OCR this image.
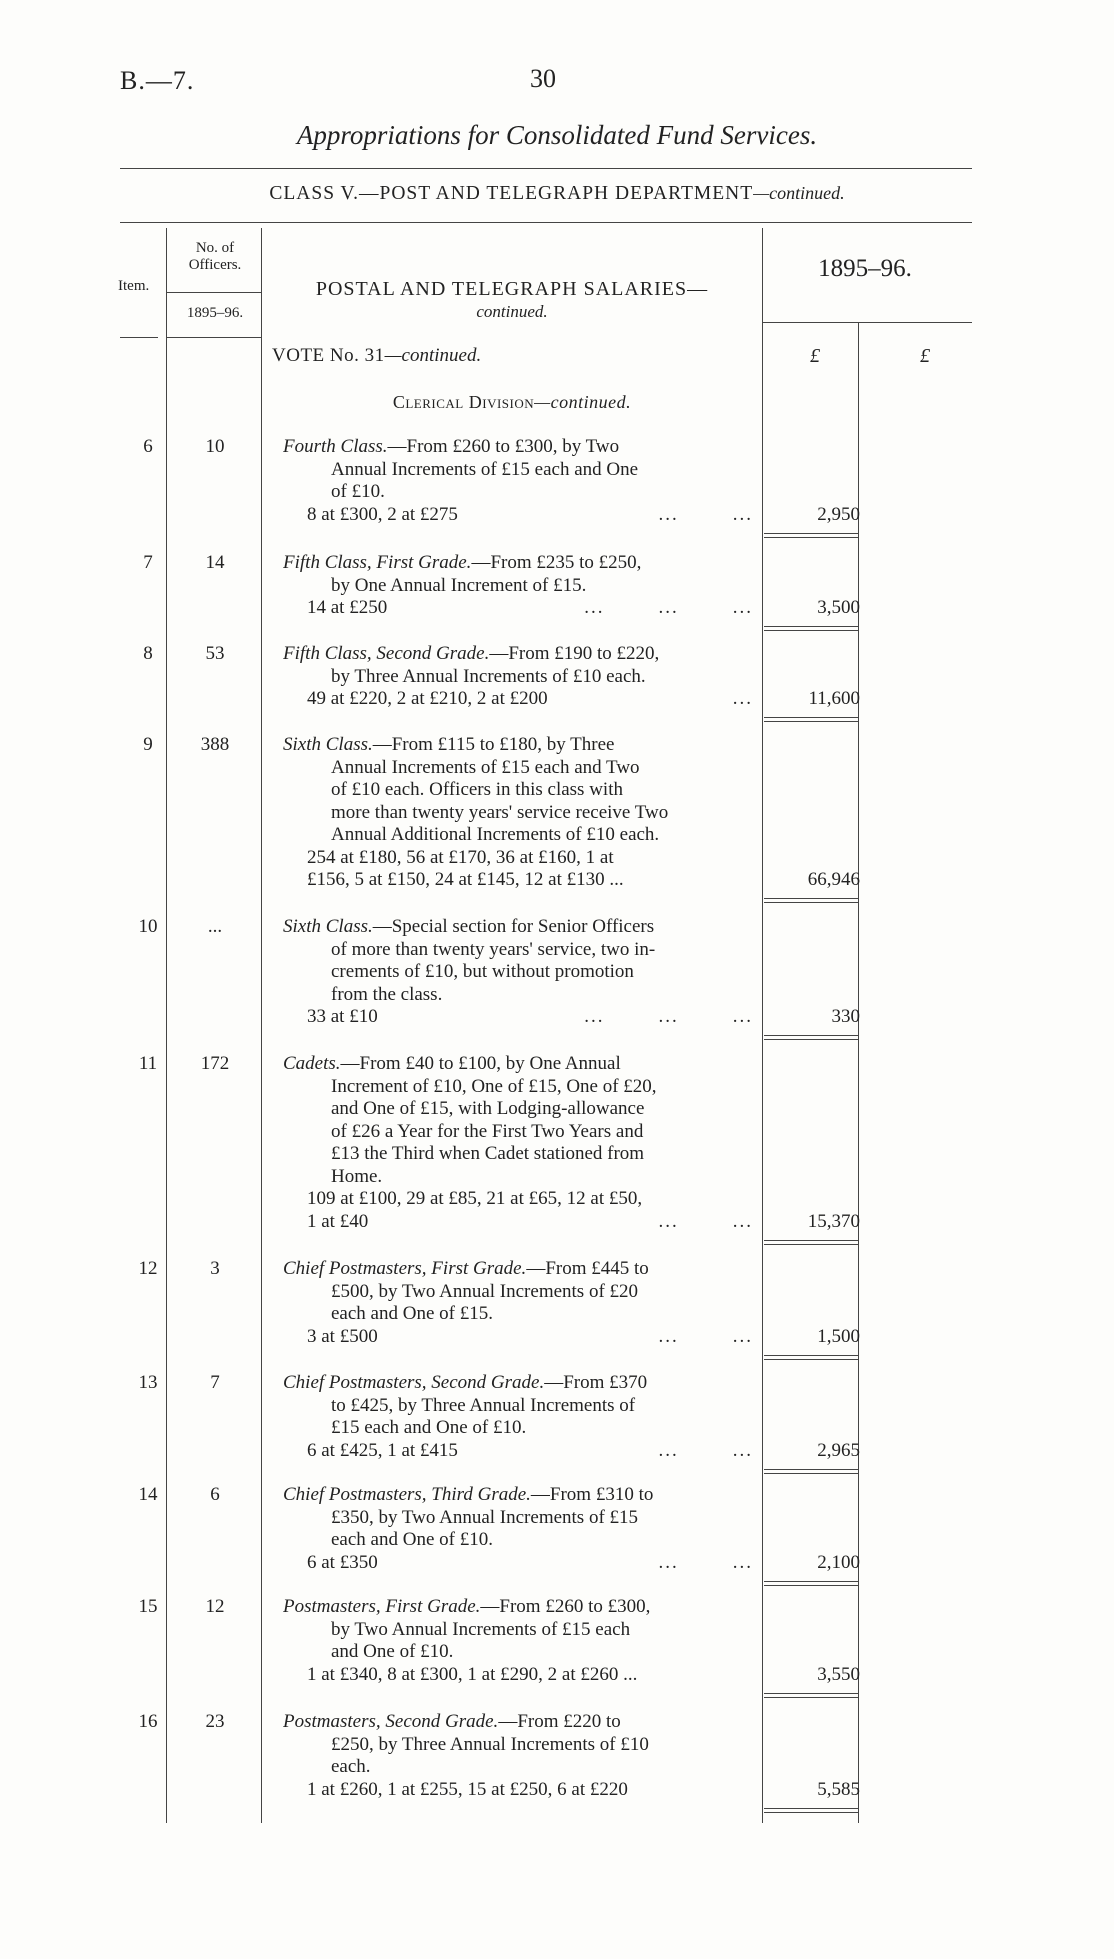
B.—7.	30
Appropriations for Consolidated Fund Services.
CLASS V.—POST AND TELEGRAPH DEPARTMENT—continued.
Item.
No. of
Officers.
1895–96.
POSTAL AND TELEGRAPH SALARIES—
continued.
1895–96.
£	£
VOTE No. 31—continued.
Clerical Division—continued.
6	10	Fourth Class.—From £260 to £300, by Two
Annual Increments of £15 each and One
of £10.
8 at £300, 2 at £275	...        ...	2,950
7	14	Fifth Class, First Grade.—From £235 to £250,
by One Annual Increment of £15.
14 at £250	...        ...        ...	3,500
8	53	Fifth Class, Second Grade.—From £190 to £220,
by Three Annual Increments of £10 each.
49 at £220, 2 at £210, 2 at £200	...	11,600
9	388	Sixth Class.—From £115 to £180, by Three
Annual Increments of £15 each and Two
of £10 each. Officers in this class with
more than twenty years' service receive Two
Annual Additional Increments of £10 each.
254 at £180, 56 at £170, 36 at £160, 1 at
£156, 5 at £150, 24 at £145, 12 at £130 ...	66,946
10	...	Sixth Class.—Special section for Senior Officers
of more than twenty years' service, two in-
crements of £10, but without promotion
from the class.
33 at £10	...        ...        ...	330
11	172	Cadets.—From £40 to £100, by One Annual
Increment of £10, One of £15, One of £20,
and One of £15, with Lodging-allowance
of £26 a Year for the First Two Years and
£13 the Third when Cadet stationed from
Home.
109 at £100, 29 at £85, 21 at £65, 12 at £50,
1 at £40	...        ...	15,370
12	3	Chief Postmasters, First Grade.—From £445 to
£500, by Two Annual Increments of £20
each and One of £15.
3 at £500	...        ...	1,500
13	7	Chief Postmasters, Second Grade.—From £370
to £425, by Three Annual Increments of
£15 each and One of £10.
6 at £425, 1 at £415	...        ...	2,965
14	6	Chief Postmasters, Third Grade.—From £310 to
£350, by Two Annual Increments of £15
each and One of £10.
6 at £350	...        ...	2,100
15	12	Postmasters, First Grade.—From £260 to £300,
by Two Annual Increments of £15 each
and One of £10.
1 at £340, 8 at £300, 1 at £290, 2 at £260 ...	3,550
16	23	Postmasters, Second Grade.—From £220 to
£250, by Three Annual Increments of £10
each.
1 at £260, 1 at £255, 15 at £250, 6 at £220	5,585
